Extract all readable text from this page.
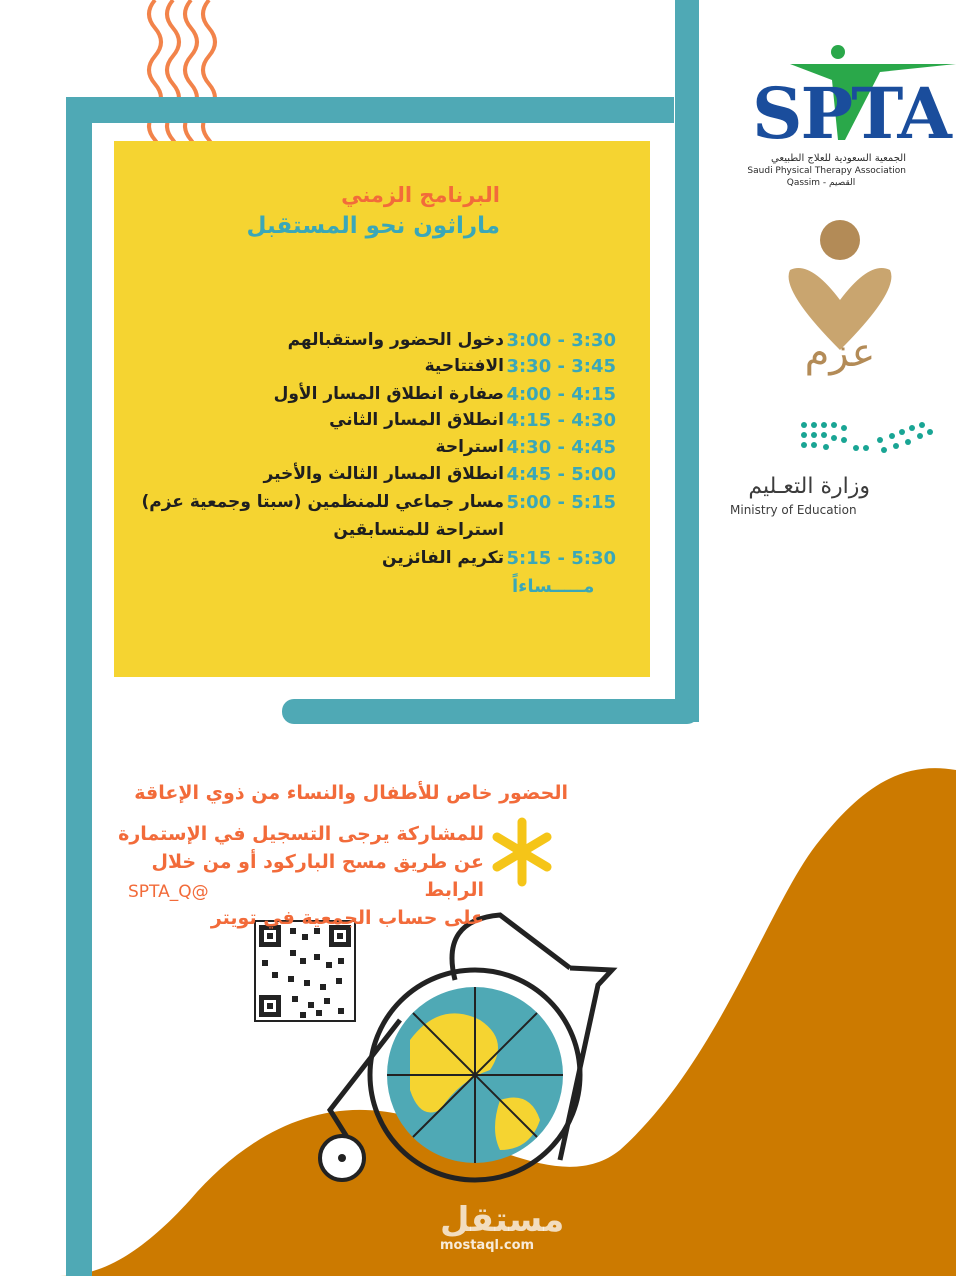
البرنامج الزمني
ماراثون نحو المستقبل
3:00 - 3:30
دخول الحضور واستقبالهم
3:30 - 3:45
الافتتاحية
4:00 - 4:15
صفارة انطلاق المسار الأول
4:15 - 4:30
انطلاق المسار الثاني
4:30 - 4:45
استراحة
4:45 - 5:00
انطلاق المسار الثالث والأخير
5:00 - 5:15
مسار جماعي للمنظمين (سبتا وجمعية عزم)
استراحة للمتسابقين
5:15 - 5:30
تكريم الفائزين
مـــــساءاً
الحضور خاص للأطفال والنساء من ذوي الإعاقة
للمشاركة يرجى التسجيل في الإستمارة
عن طريق مسح الباركود أو من خلال الرابط
على حساب الجمعية في تويتر
SPTA_Q@
SPTA
الجمعية السعودية للعلاج الطبيعي
Saudi Physical Therapy Association
Qassim - القصيم
عزم
وزارة التعـليم
Ministry of Education
مستقل
mostaql.com
